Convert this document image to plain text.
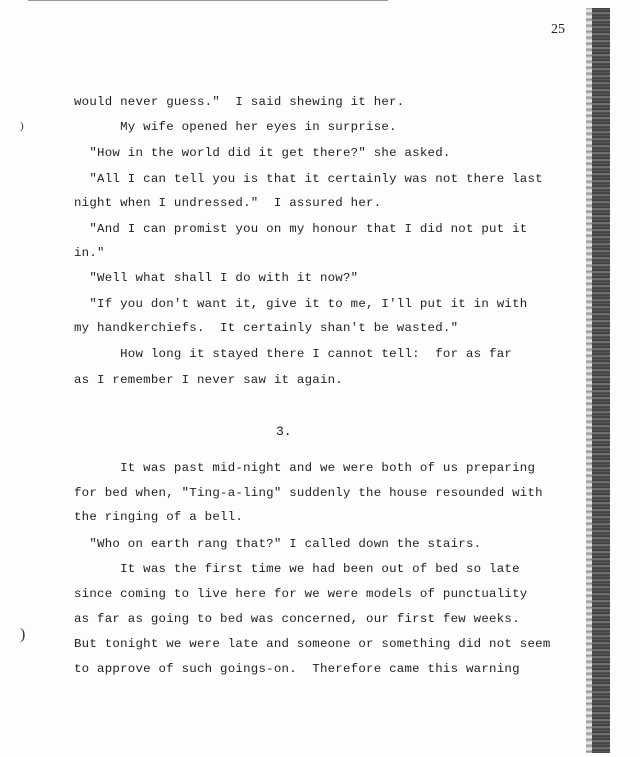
25
)
)
would never guess."  I said shewing it her.
My wife opened her eyes in surprise.
"How in the world did it get there?" she asked.
"All I can tell you is that it certainly was not there last
night when I undressed."  I assured her.
"And I can promist you on my honour that I did not put it
in."
"Well what shall I do with it now?"
"If you don't want it, give it to me, I'll put it in with
my handkerchiefs.  It certainly shan't be wasted."
How long it stayed there I cannot tell:  for as far
as I remember I never saw it again.
3.
It was past mid-night and we were both of us preparing
for bed when, "Ting-a-ling" suddenly the house resounded with
the ringing of a bell.
"Who on earth rang that?" I called down the stairs.
It was the first time we had been out of bed so late
since coming to live here for we were models of punctuality
as far as going to bed was concerned, our first few weeks.
But tonight we were late and someone or something did not seem
to approve of such goings-on.  Therefore came this warning
